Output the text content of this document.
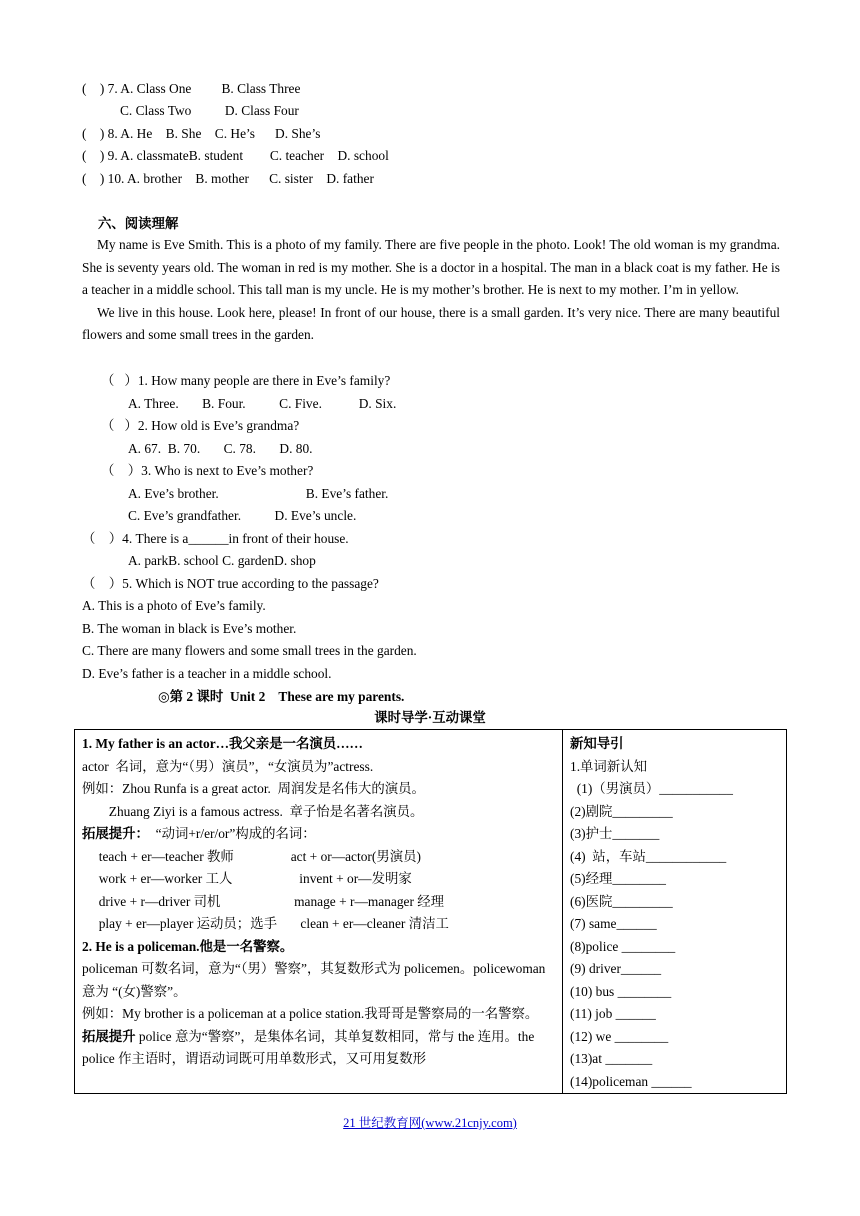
(    ) 7. A. Class One         B. Class Three
C. Class Two          D. Class Four
(    ) 8. A. He    B. She    C. He’s      D. She’s
(    ) 9. A. classmateB. student        C. teacher    D. school
(    ) 10. A. brother    B. mother      C. sister    D. father
六、阅读理解

My name is Eve Smith. This is a photo of my family. There are five people in the photo. Look! The old woman is my grandma. She is seventy years old. The woman in red is my mother. She is a doctor in a hospital. The man in a black coat is my father. He is a teacher in a middle school. This tall man is my uncle. He is my mother’s brother. He is next to my mother. I’m in yellow.

We live in this house. Look here, please! In front of our house, there is a small garden. It’s very nice. There are many beautiful flowers and some small trees in the garden.

（   ）1. How many people are there in Eve’s family?
A. Three.       B. Four.          C. Five.           D. Six.
（   ）2. How old is Eve’s grandma?
A. 67.  B. 70.       C. 78.       D. 80.
（    ）3. Who is next to Eve’s mother?
A. Eve’s brother.                          B. Eve’s father.
C. Eve’s grandfather.          D. Eve’s uncle.
（    ）4. There is a______in front of their house.
A. parkB. school C. gardenD. shop
（    ）5. Which is NOT true according to the passage?
A. This is a photo of Eve’s family.
B. The woman in black is Eve’s mother.
C. There are many flowers and some small trees in the garden.
D. Eve’s father is a teacher in a middle school.
◎第 2 课时  Unit 2    These are my parents.
课时导学·互动课堂
1. My father is an actor…我父亲是一名演员……
actor  名词，意为“（男）演员”，“女演员为”actress.
例如：Zhou Runfa is a great actor.  周润发是名伟大的演员。
Zhuang Ziyi is a famous actress.  章子怡是名著名演员。
拓展提升：  “动词+r/er/or”构成的名词：
teach + er—teacher 教师                 act + or—actor(男演员)
work + er—worker 工人                    invent + or—发明家
drive + r—driver 司机                      manage + r—manager 经理
play + er—player 运动员；选手       clean + er—cleaner 清洁工
2. He is a policeman.他是一名警察。
policeman 可数名词，意为“（男）警察”，其复数形式为 policemen。policewoman 意为 “(女)警察”。
例如：My brother is a policeman at a police station.我哥哥是警察局的一名警察。
拓展提升 police 意为“警察”，是集体名词，其单复数相同，常与 the 连用。the police 作主语时，谓语动词既可用单数形式，又可用复数形

新知导引
1.单词新认知
(1)（男演员）___________
(2)剧院_________
(3)护士_______
(4)  站，车站____________
(5)经理________
(6)医院_________
(7) same______
(8)police ________
(9) driver______
(10) bus ________
(11) job ______
(12) we ________
(13)at _______
(14)policeman ______
21 世纪教育网(www.21cnjy.com)
